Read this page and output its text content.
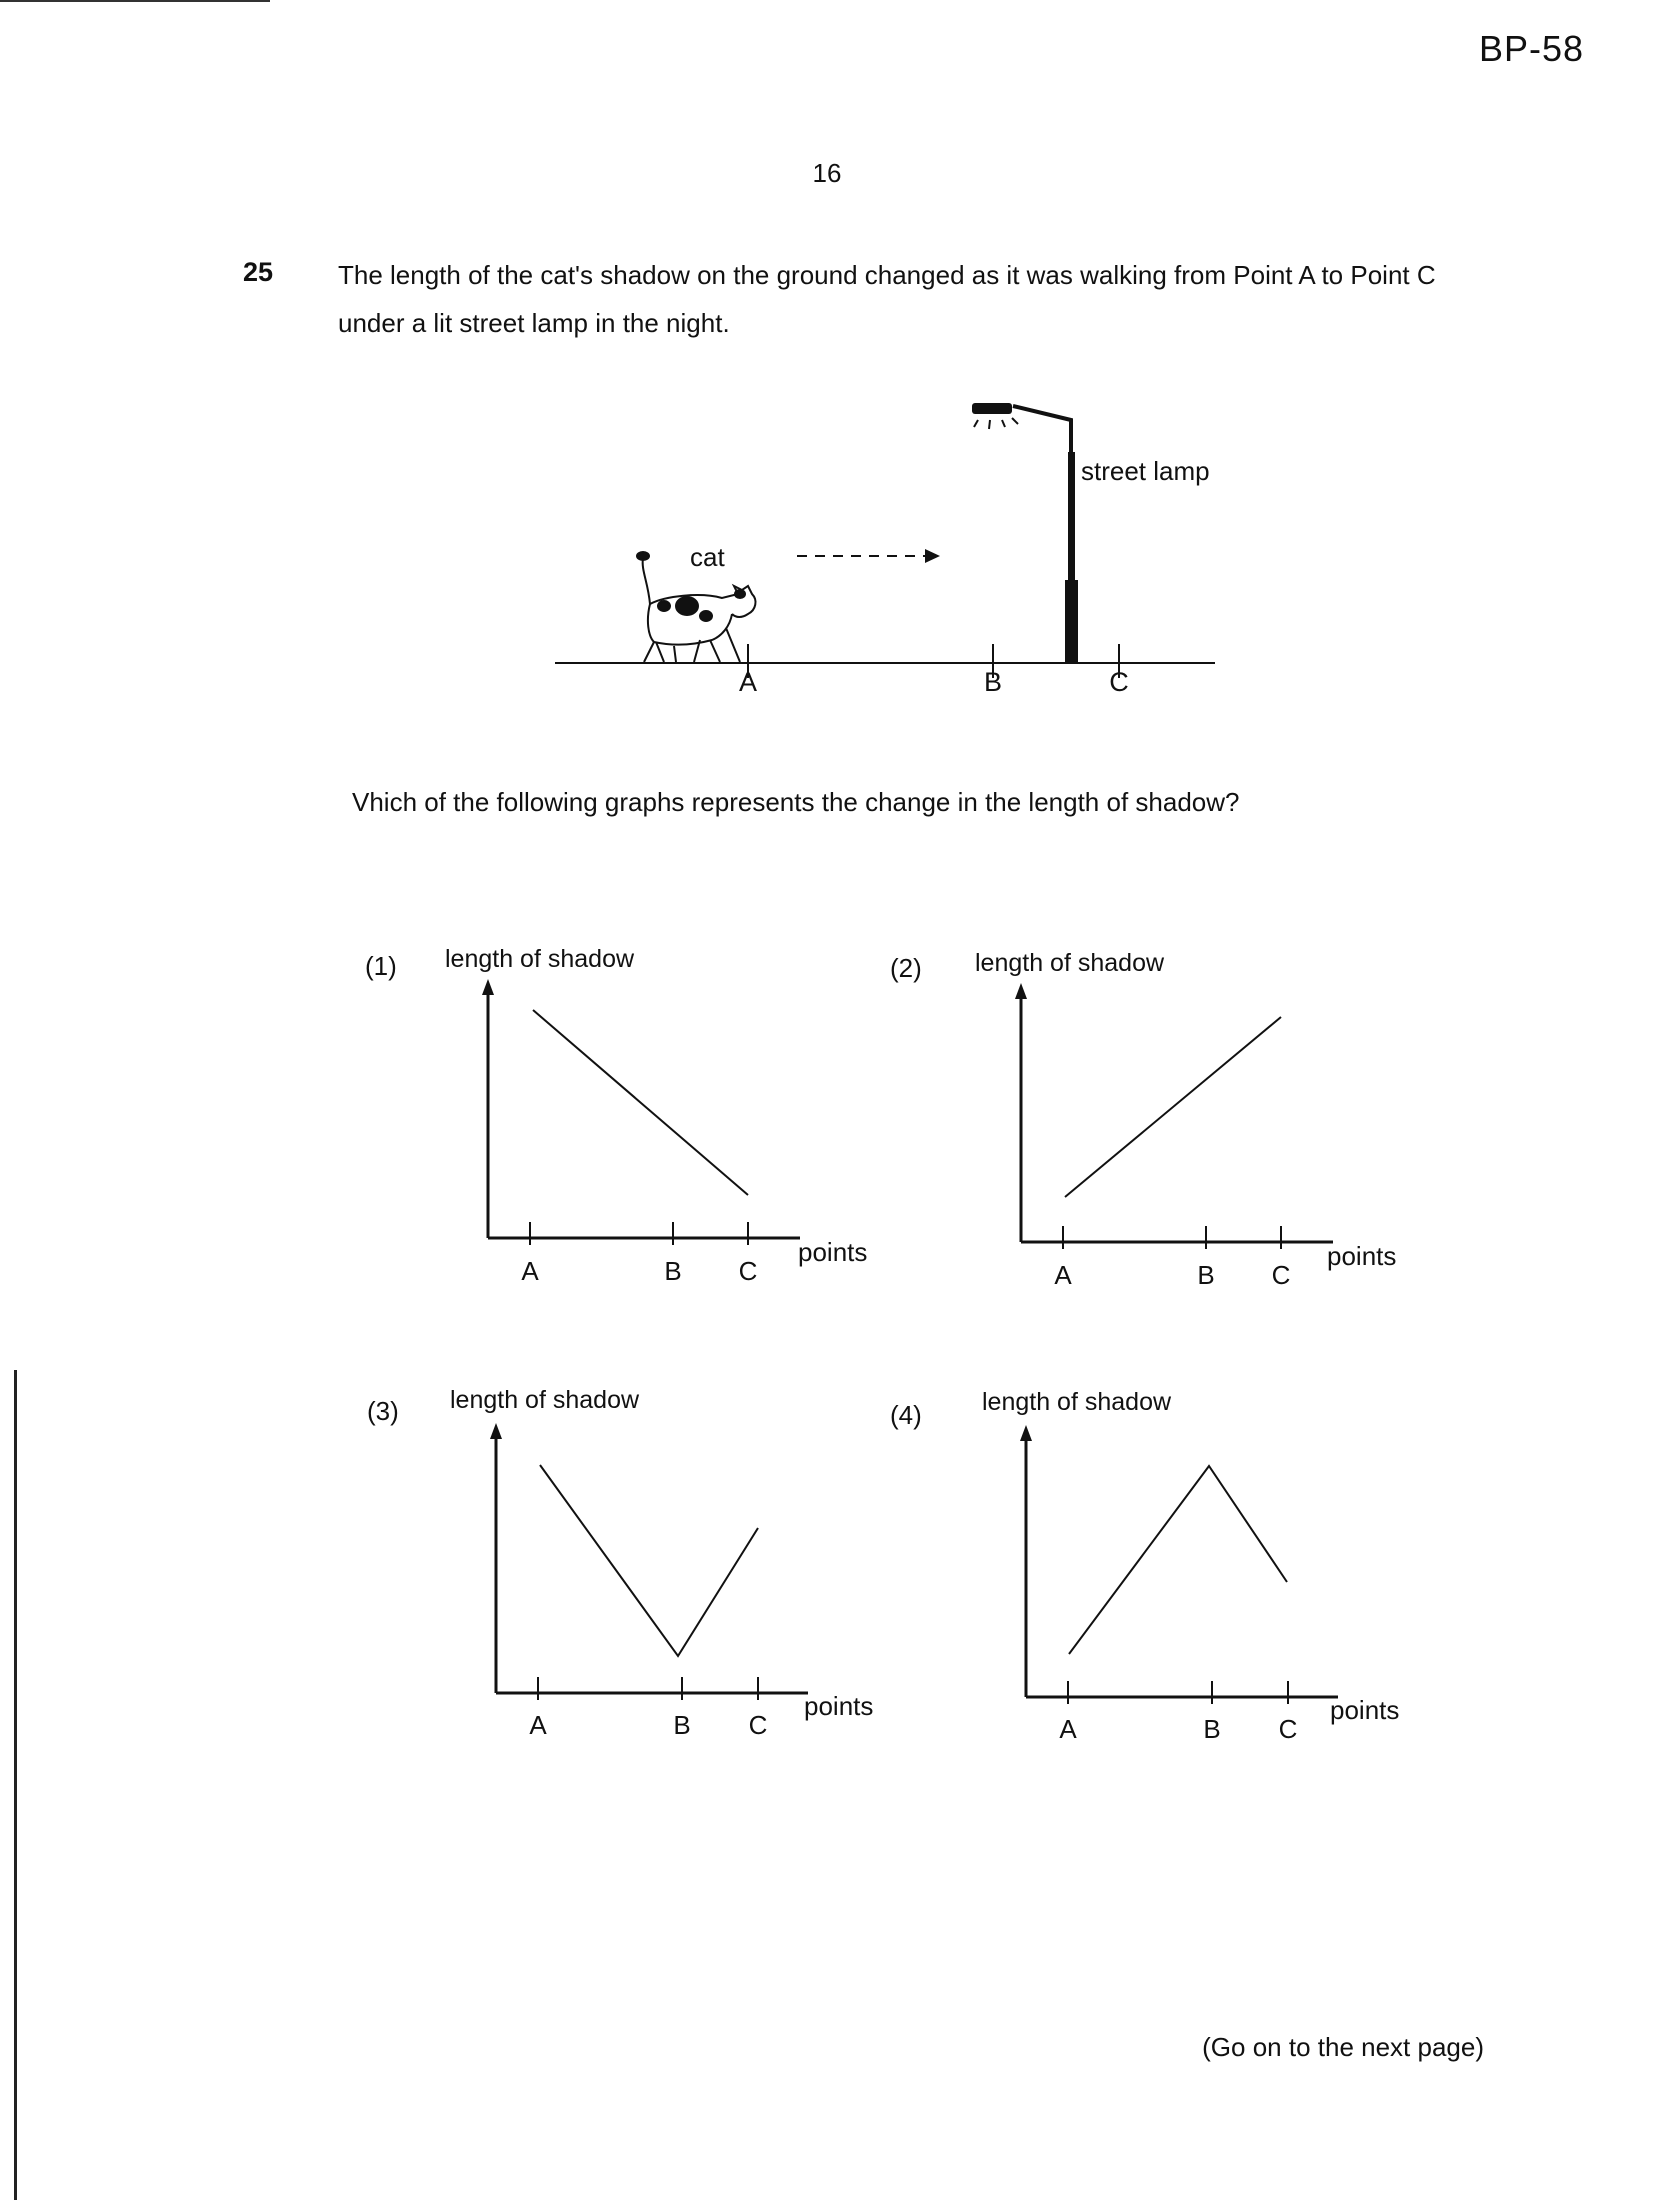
BP-58
16
25 The length of the cat's shadow on the ground changed as it was walking from Point A to Point C under a lit street lamp in the night.
A	B	C
street lamp
cat
Vhich of the following graphs represents the change in the length of shadow?
(1) length of shadow
A	B C
points
(2) length of shadow
A	B C
points
(3) length of shadow
A	B C
points
(4) length of shadow
A	B C
points
(Go on to the next page)
